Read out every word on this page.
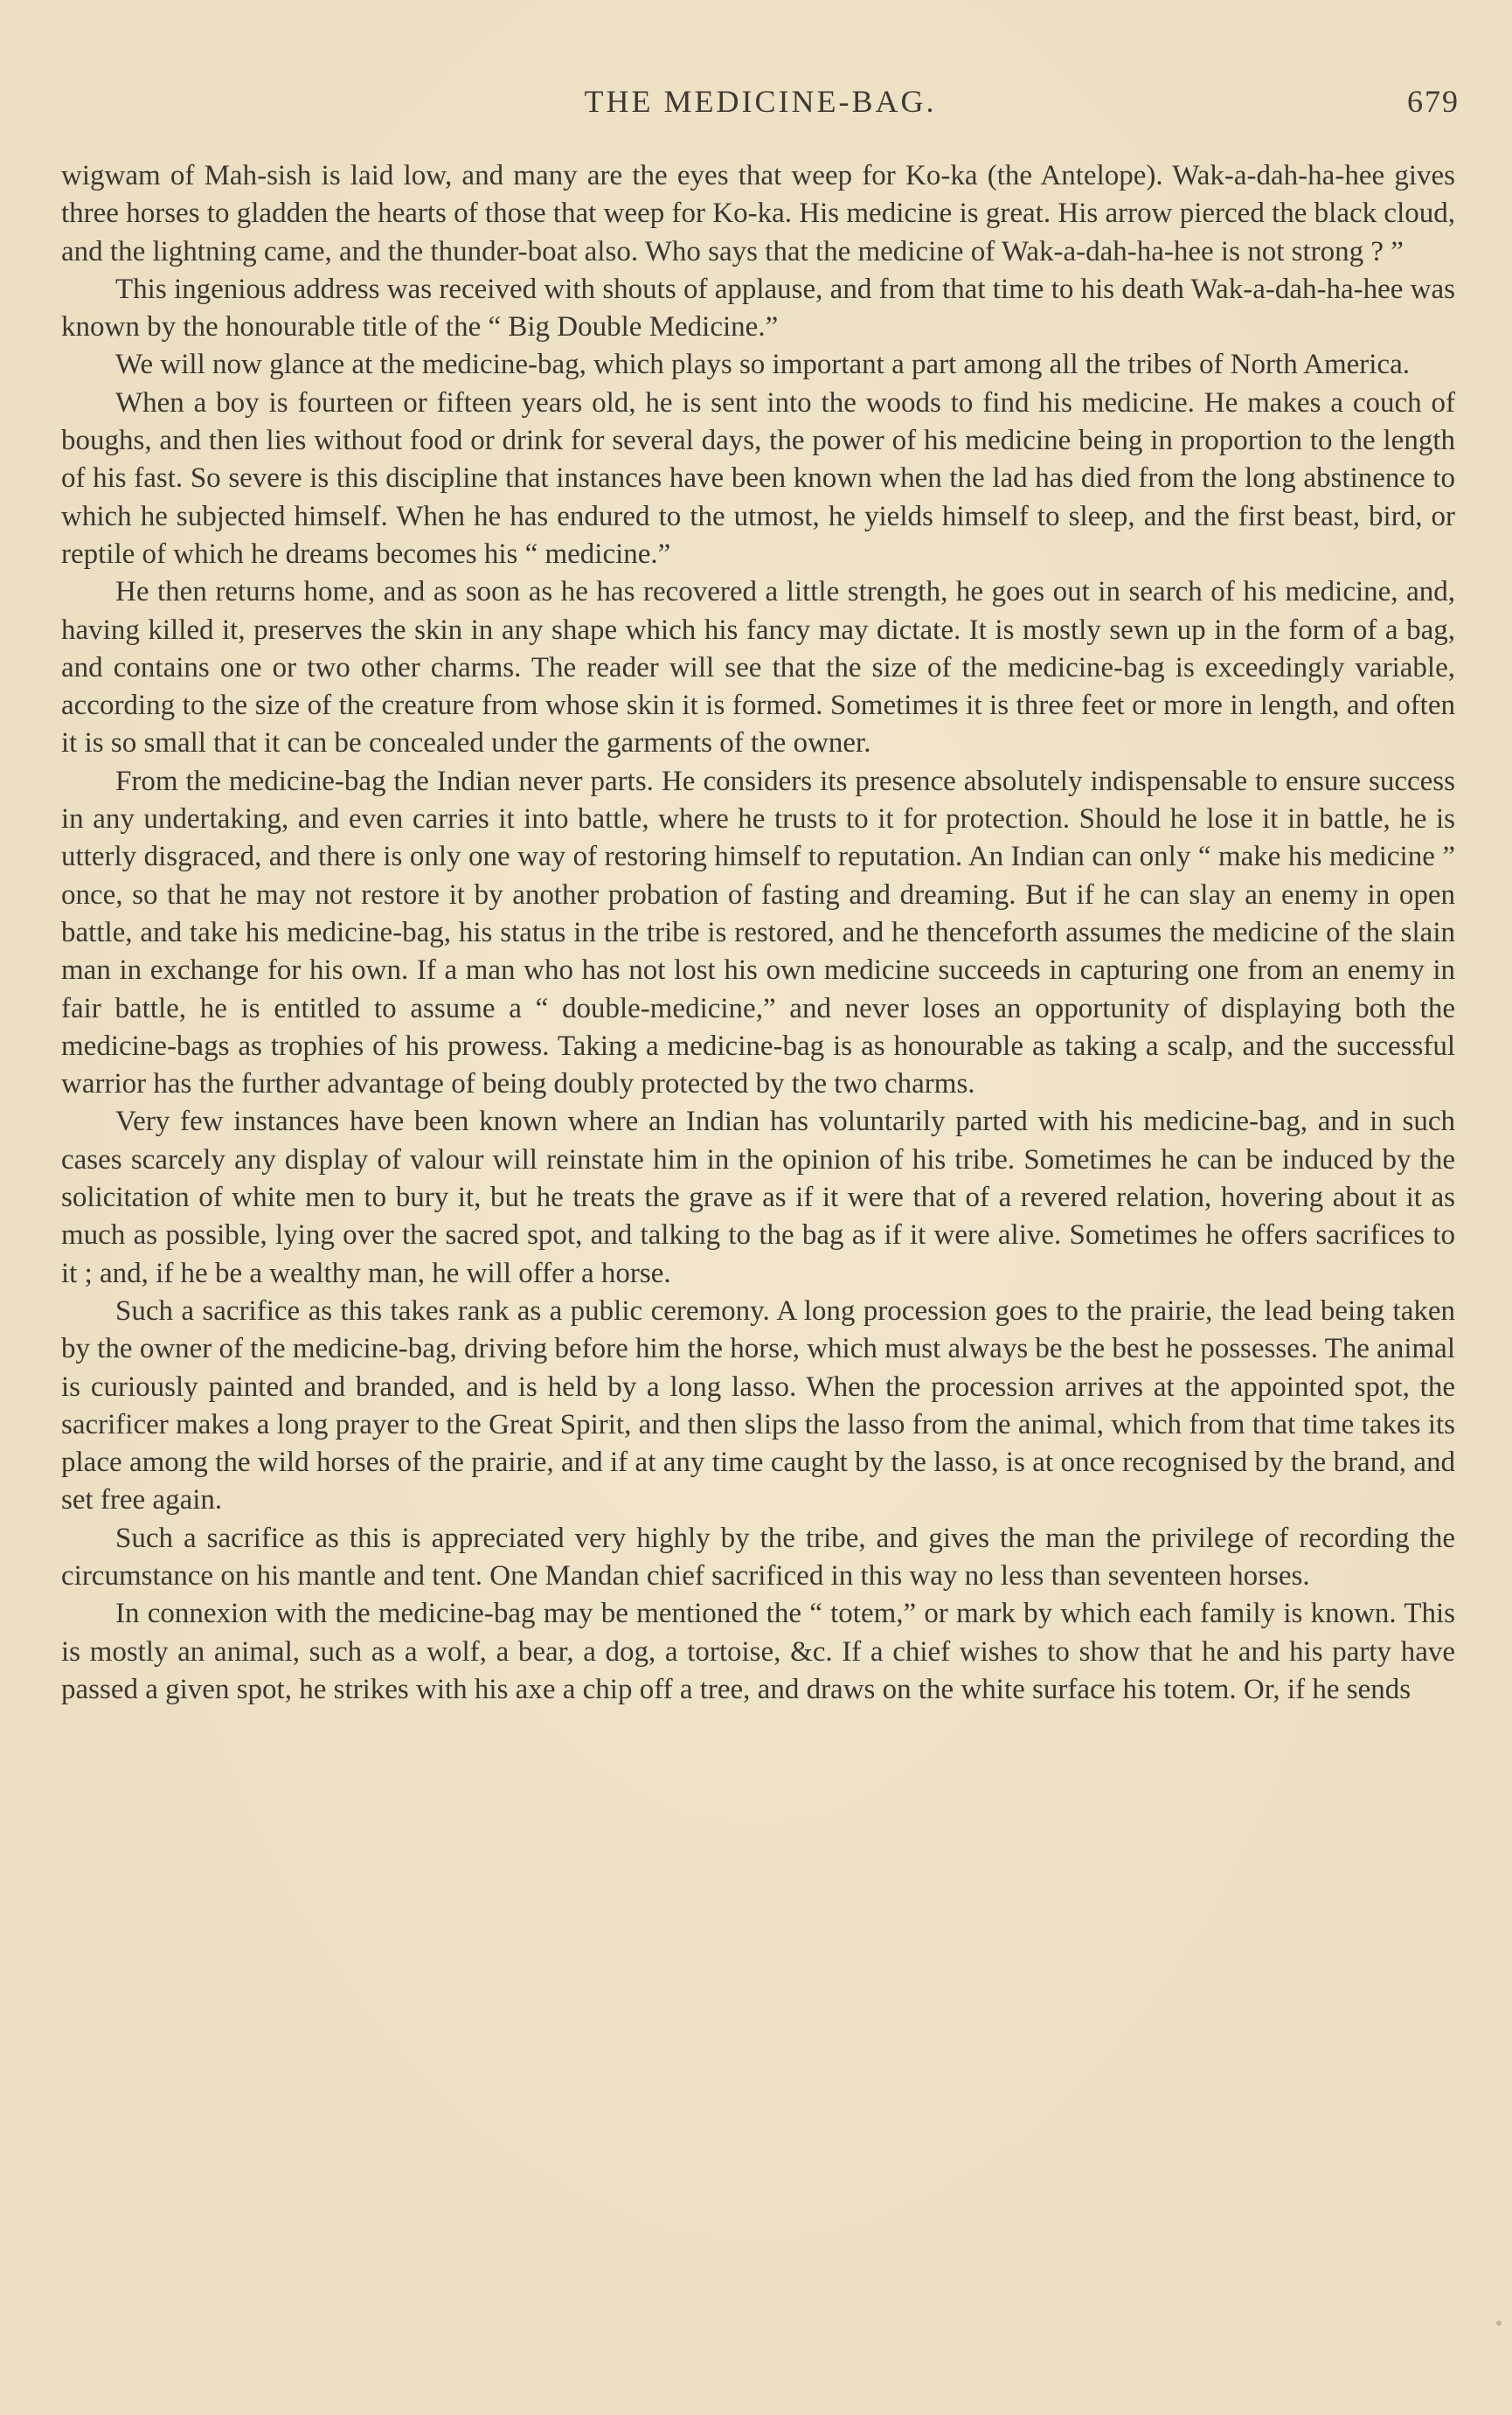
THE MEDICINE-BAG.	679

wigwam of Mah-sish is laid low, and many are the eyes that weep for Ko-ka (the Antelope). Wak-a-dah-ha-hee gives three horses to gladden the hearts of those that weep for Ko-ka. His medicine is great. His arrow pierced the black cloud, and the lightning came, and the thunder-boat also. Who says that the medicine of Wak-a-dah-ha-hee is not strong ? ”

This ingenious address was received with shouts of applause, and from that time to his death Wak-a-dah-ha-hee was known by the honourable title of the “ Big Double Medicine.”

We will now glance at the medicine-bag, which plays so important a part among all the tribes of North America.

When a boy is fourteen or fifteen years old, he is sent into the woods to find his medicine. He makes a couch of boughs, and then lies without food or drink for several days, the power of his medicine being in proportion to the length of his fast. So severe is this discipline that instances have been known when the lad has died from the long abstinence to which he subjected himself. When he has endured to the utmost, he yields himself to sleep, and the first beast, bird, or reptile of which he dreams becomes his “ medicine.”

He then returns home, and as soon as he has recovered a little strength, he goes out in search of his medicine, and, having killed it, preserves the skin in any shape which his fancy may dictate. It is mostly sewn up in the form of a bag, and contains one or two other charms. The reader will see that the size of the medicine-bag is exceedingly variable, according to the size of the creature from whose skin it is formed. Sometimes it is three feet or more in length, and often it is so small that it can be concealed under the garments of the owner.

From the medicine-bag the Indian never parts. He considers its presence absolutely indispensable to ensure success in any undertaking, and even carries it into battle, where he trusts to it for protection. Should he lose it in battle, he is utterly disgraced, and there is only one way of restoring himself to reputation. An Indian can only “ make his medicine ” once, so that he may not restore it by another probation of fasting and dreaming. But if he can slay an enemy in open battle, and take his medicine-bag, his status in the tribe is restored, and he thenceforth assumes the medicine of the slain man in exchange for his own. If a man who has not lost his own medicine succeeds in capturing one from an enemy in fair battle, he is entitled to assume a “ double-medicine,” and never loses an opportunity of displaying both the medicine-bags as trophies of his prowess. Taking a medicine-bag is as honourable as taking a scalp, and the successful warrior has the further advantage of being doubly protected by the two charms.

Very few instances have been known where an Indian has voluntarily parted with his medicine-bag, and in such cases scarcely any display of valour will reinstate him in the opinion of his tribe. Sometimes he can be induced by the solicitation of white men to bury it, but he treats the grave as if it were that of a revered relation, hovering about it as much as possible, lying over the sacred spot, and talking to the bag as if it were alive. Sometimes he offers sacrifices to it ; and, if he be a wealthy man, he will offer a horse.

Such a sacrifice as this takes rank as a public ceremony. A long procession goes to the prairie, the lead being taken by the owner of the medicine-bag, driving before him the horse, which must always be the best he possesses. The animal is curiously painted and branded, and is held by a long lasso. When the procession arrives at the appointed spot, the sacrificer makes a long prayer to the Great Spirit, and then slips the lasso from the animal, which from that time takes its place among the wild horses of the prairie, and if at any time caught by the lasso, is at once recognised by the brand, and set free again.

Such a sacrifice as this is appreciated very highly by the tribe, and gives the man the privilege of recording the circumstance on his mantle and tent. One Mandan chief sacrificed in this way no less than seventeen horses.

In connexion with the medicine-bag may be mentioned the “ totem,” or mark by which each family is known. This is mostly an animal, such as a wolf, a bear, a dog, a tortoise, &c. If a chief wishes to show that he and his party have passed a given spot, he strikes with his axe a chip off a tree, and draws on the white surface his totem. Or, if he sends
